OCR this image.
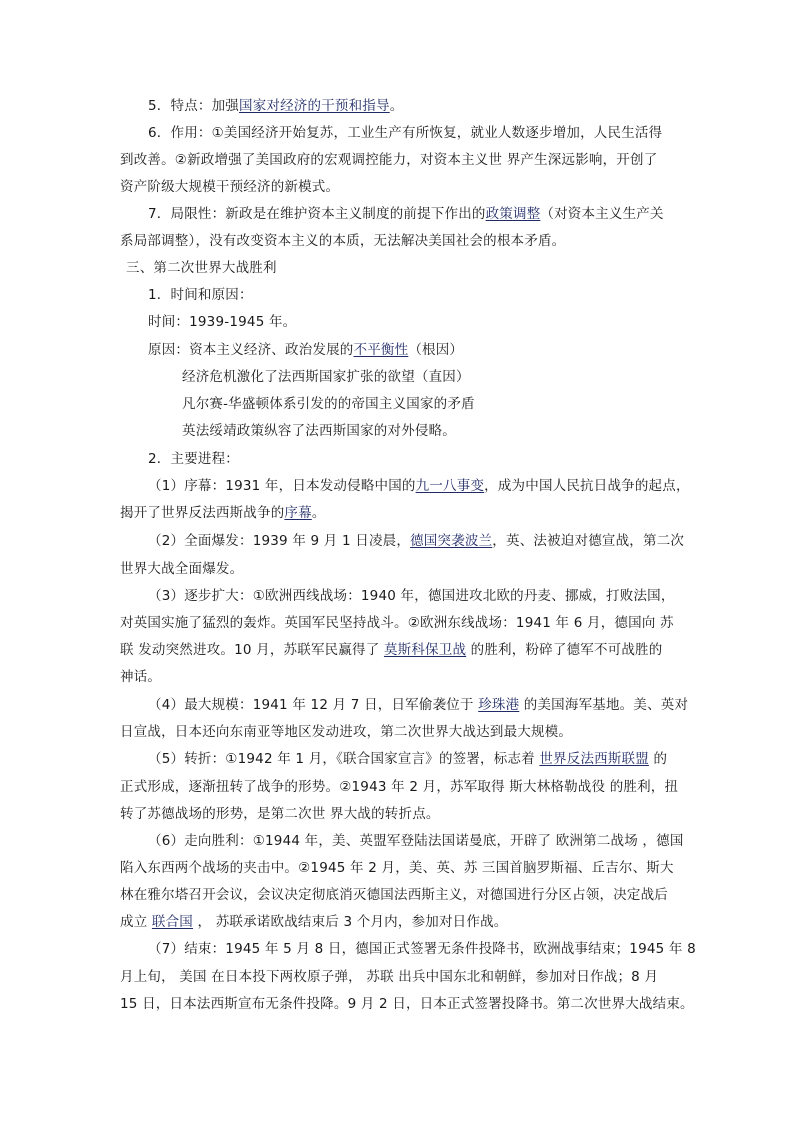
5．特点：加强国家对经济的干预和指导。
6．作用：①美国经济开始复苏，工业生产有所恢复，就业人数逐步增加，人民生活得
到改善。②新政增强了美国政府的宏观调控能力，对资本主义世 界产生深远影响，开创了
资产阶级大规模干预经济的新模式。
7．局限性：新政是在维护资本主义制度的前提下作出的政策调整（对资本主义生产关
系局部调整），没有改变资本主义的本质，无法解决美国社会的根本矛盾。
三、第二次世界大战胜利
1．时间和原因：
时间：1939-1945 年。
原因：资本主义经济、政治发展的不平衡性（根因）
经济危机激化了法西斯国家扩张的欲望（直因）
凡尔赛-华盛顿体系引发的的帝国主义国家的矛盾
英法绥靖政策纵容了法西斯国家的对外侵略。
2．主要进程：
（1）序幕：1931 年，日本发动侵略中国的九一八事变，成为中国人民抗日战争的起点，
揭开了世界反法西斯战争的序幕。
（2）全面爆发：1939 年 9 月 1 日凌晨，德国突袭波兰，英、法被迫对德宣战，第二次
世界大战全面爆发。
（3）逐步扩大：①欧洲西线战场：1940 年，德国进攻北欧的丹麦、挪威，打败法国，
对英国实施了猛烈的轰炸。英国军民坚持战斗。②欧洲东线战场：1941 年 6 月，德国向 苏
联 发动突然进攻。10 月，苏联军民赢得了 莫斯科保卫战 的胜利，粉碎了德军不可战胜的
神话。
（4）最大规模：1941 年 12 月 7 日，日军偷袭位于 珍珠港 的美国海军基地。美、英对
日宣战，日本还向东南亚等地区发动进攻，第二次世界大战达到最大规模。
（5）转折：①1942 年 1 月，《联合国家宣言》的签署，标志着 世界反法西斯联盟 的
正式形成，逐渐扭转了战争的形势。②1943 年 2 月，苏军取得 斯大林格勒战役 的胜利，扭
转了苏德战场的形势，是第二次世 界大战的转折点。
（6）走向胜利：①1944 年，美、英盟军登陆法国诺曼底，开辟了 欧洲第二战场 ，德国
陷入东西两个战场的夹击中。②1945 年 2 月，美、英、苏 三国首脑罗斯福、丘吉尔、斯大
林在雅尔塔召开会议，会议决定彻底消灭德国法西斯主义，对德国进行分区占领，决定战后
成立 联合国 ， 苏联承诺欧战结束后 3 个月内，参加对日作战。
（7）结束：1945 年 5 月 8 日，德国正式签署无条件投降书，欧洲战事结束；1945 年 8
月上旬， 美国 在日本投下两枚原子弹， 苏联 出兵中国东北和朝鲜，参加对日作战；8 月
15 日，日本法西斯宣布无条件投降。9 月 2 日，日本正式签署投降书。第二次世界大战结束。
